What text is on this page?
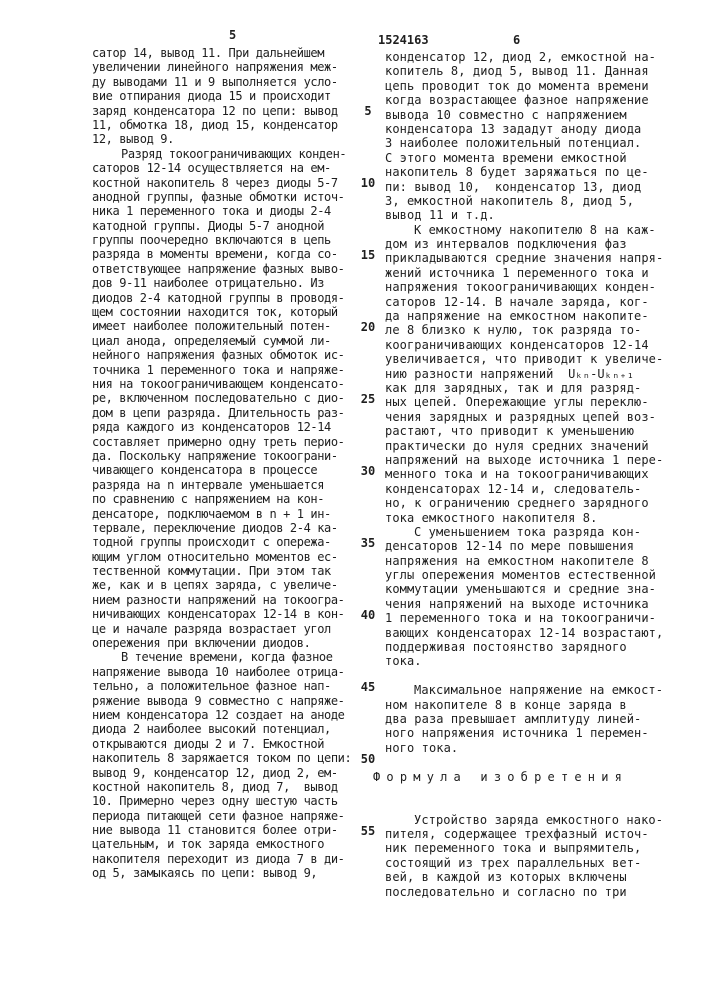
5	1524163	6
5
10
15
20
25
30
35
40
45
50
55
сатор 14, вывод 11. При дальнейшем
увеличении линейного напряжения меж-
ду выводами 11 и 9 выполняется усло-
вие отпирания диода 15 и происходит
заряд конденсатора 12 по цепи: вывод
11, обмотка 18, диод 15, конденсатор
12, вывод 9.
Разряд токоограничивающих конден-
саторов 12-14 осуществляется на ем-
костной накопитель 8 через диоды 5-7
анодной группы, фазные обмотки источ-
ника 1 переменного тока и диоды 2-4
катодной группы. Диоды 5-7 анодной
группы поочередно включаются в цепь
разряда в моменты времени, когда со-
ответствующее напряжение фазных выво-
дов 9-11 наиболее отрицательно. Из
диодов 2-4 катодной группы в проводя-
щем состоянии находится ток, который
имеет наиболее положительный потен-
циал анода, определяемый суммой ли-
нейного напряжения фазных обмоток ис-
точника 1 переменного тока и напряже-
ния на токоограничивающем конденсато-
ре, включенном последовательно с дио-
дом в цепи разряда. Длительность раз-
ряда каждого из конденсаторов 12-14
составляет примерно одну треть перио-
да. Поскольку напряжение токоограни-
чивающего конденсатора в процессе
разряда на n интервале уменьшается
по сравнению с напряжением на кон-
денсаторе, подключаемом в n + 1 ин-
тервале, переключение диодов 2-4 ка-
тодной группы происходит с опережа-
ющим углом относительно моментов ес-
тественной коммутации. При этом так
же, как и в цепях заряда, с увеличе-
нием разности напряжений на токоогра-
ничивающих конденсаторах 12-14 в кон-
це и начале разряда возрастает угол
опережения при включении диодов.
В течение времени, когда фазное
напряжение вывода 10 наиболее отрица-
тельно, а положительное фазное нап-
ряжение вывода 9 совместно с напряже-
нием конденсатора 12 создает на аноде
диода 2 наиболее высокий потенциал,
открываются диоды 2 и 7. Емкостной
накопитель 8 заряжается током по цепи:
вывод 9, конденсатор 12, диод 2, ем-
костной накопитель 8, диод 7,  вывод
10. Примерно через одну шестую часть
периода питающей сети фазное напряже-
ние вывода 11 становится более отри-
цательным, и ток заряда емкостного
накопителя переходит из диода 7 в ди-
од 5, замыкаясь по цепи: вывод 9,
конденсатор 12, диод 2, емкостной на-
копитель 8, диод 5, вывод 11. Данная
цепь проводит ток до момента времени
когда возрастающее фазное напряжение
вывода 10 совместно с напряжением
конденсатора 13 зададут аноду диода
3 наиболее положительный потенциал.
С этого момента времени емкостной
накопитель 8 будет заряжаться по це-
пи: вывод 10,  конденсатор 13, диод
3, емкостной накопитель 8, диод 5,
вывод 11 и т.д.
К емкостному накопителю 8 на каж-
дом из интервалов подключения фаз
прикладываются средние значения напря-
жений источника 1 переменного тока и
напряжения токоограничивающих конден-
саторов 12-14. В начале заряда, ког-
да напряжение на емкостном накопите-
ле 8 близко к нулю, ток разряда то-
коограничивающих конденсаторов 12-14
увеличивается, что приводит к увеличе-
нию разности напряжений  Uₖₙ-Uₖₙ₊₁
как для зарядных, так и для разряд-
ных цепей. Опережающие углы переклю-
чения зарядных и разрядных цепей воз-
растают, что приводит к уменьшению
практически до нуля средних значений
напряжений на выходе источника 1 пере-
менного тока и на токоограничивающих
конденсаторах 12-14 и, следователь-
но, к ограничению среднего зарядного
тока емкостного накопителя 8.
С уменьшением тока разряда кон-
денсаторов 12-14 по мере повышения
напряжения на емкостном накопителе 8
углы опережения моментов естественной
коммутации уменьшаются и средние зна-
чения напряжений на выходе источника
1 переменного тока и на токоограничи-
вающих конденсаторах 12-14 возрастают,
поддерживая постоянство зарядного
тока.
Максимальное напряжение на емкост-
ном накопителе 8 в конце заряда в
два раза превышает амплитуду линей-
ного напряжения источника 1 перемен-
ного тока.
Формула изобретения
Устройство заряда емкостного нако-
пителя, содержащее трехфазный источ-
ник переменного тока и выпрямитель,
состоящий из трех параллельных вет-
вей, в каждой из которых включены
последовательно и согласно по три
